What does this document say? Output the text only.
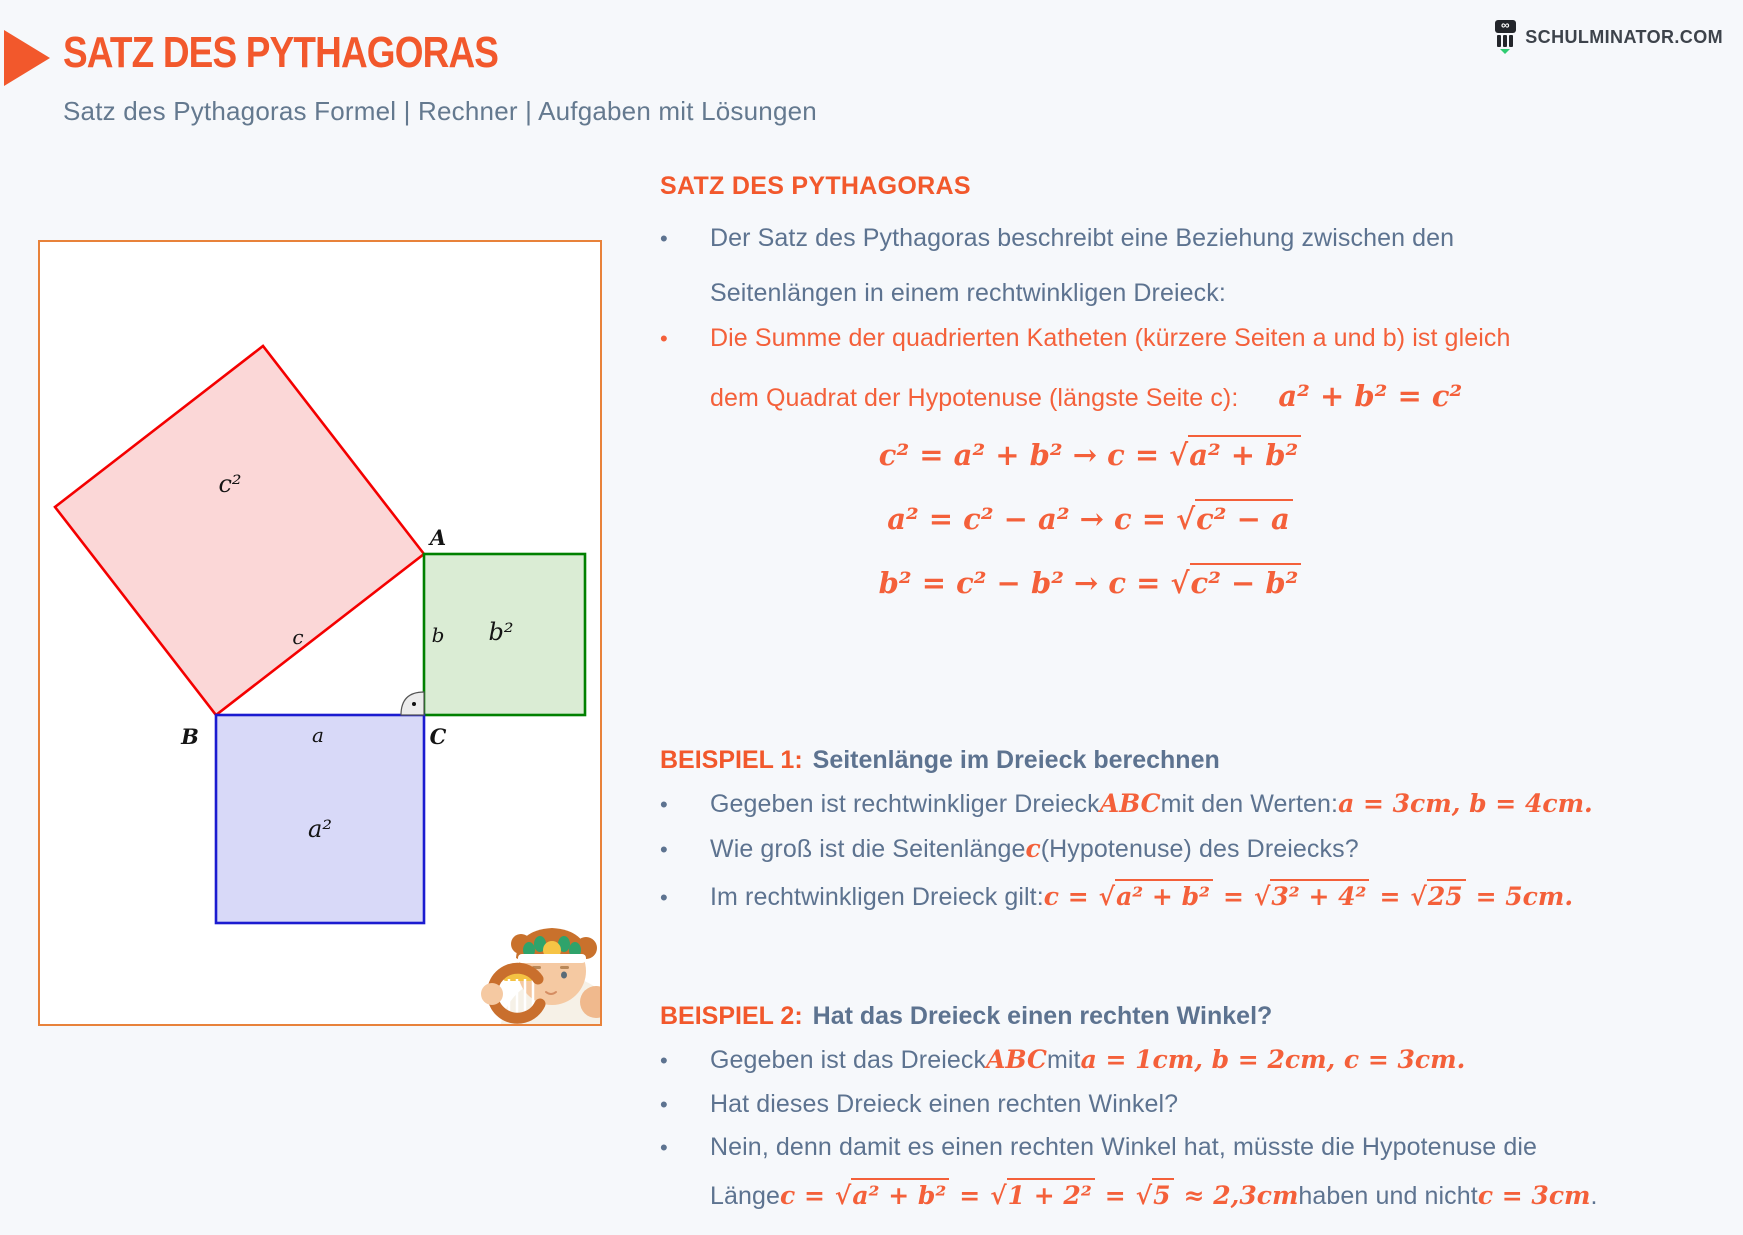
SATZ DES PYTHAGORAS
Satz des Pythagoras Formel | Rechner | Aufgaben mit Lösungen
∞
SCHULMINATOR.COM
c²
c	b²
b
a²
a
A
B	C
SATZ DES PYTHAGORAS
•	Der Satz des Pythagoras beschreibt eine Beziehung zwischen den
Seitenlängen in einem rechtwinkligen Dreieck:
•	Die Summe der quadrierten Katheten (kürzere Seiten a und b) ist gleich
dem Quadrat der Hypotenuse (längste Seite c): a² + b² = c²
c² = a² + b² → c = √a² + b²
a² = c² − a² → c = √c² − a
b² = c² − b² → c = √c² − b²
BEISPIEL 1: Seitenlänge im Dreieck berechnen
•	Gegeben ist rechtwinkliger Dreieck ABC mit den Werten: a = 3cm, b = 4cm.
•	Wie groß ist die Seitenlänge c (Hypotenuse) des Dreiecks?
•	Im rechtwinkligen Dreieck gilt: c = √ a² + b² = √ 3² + 4² = √ 25 = 5cm.
BEISPIEL 2: Hat das Dreieck einen rechten Winkel?
•	Gegeben ist das Dreieck ABC mit a = 1cm, b = 2cm, c = 3cm.
•	Hat dieses Dreieck einen rechten Winkel?
•	Nein, denn damit es einen rechten Winkel hat, müsste die Hypotenuse die
Länge c = √ a² + b² = √ 1 + 2² = √ 5 ≈ 2,3cm haben und nicht c = 3cm .
